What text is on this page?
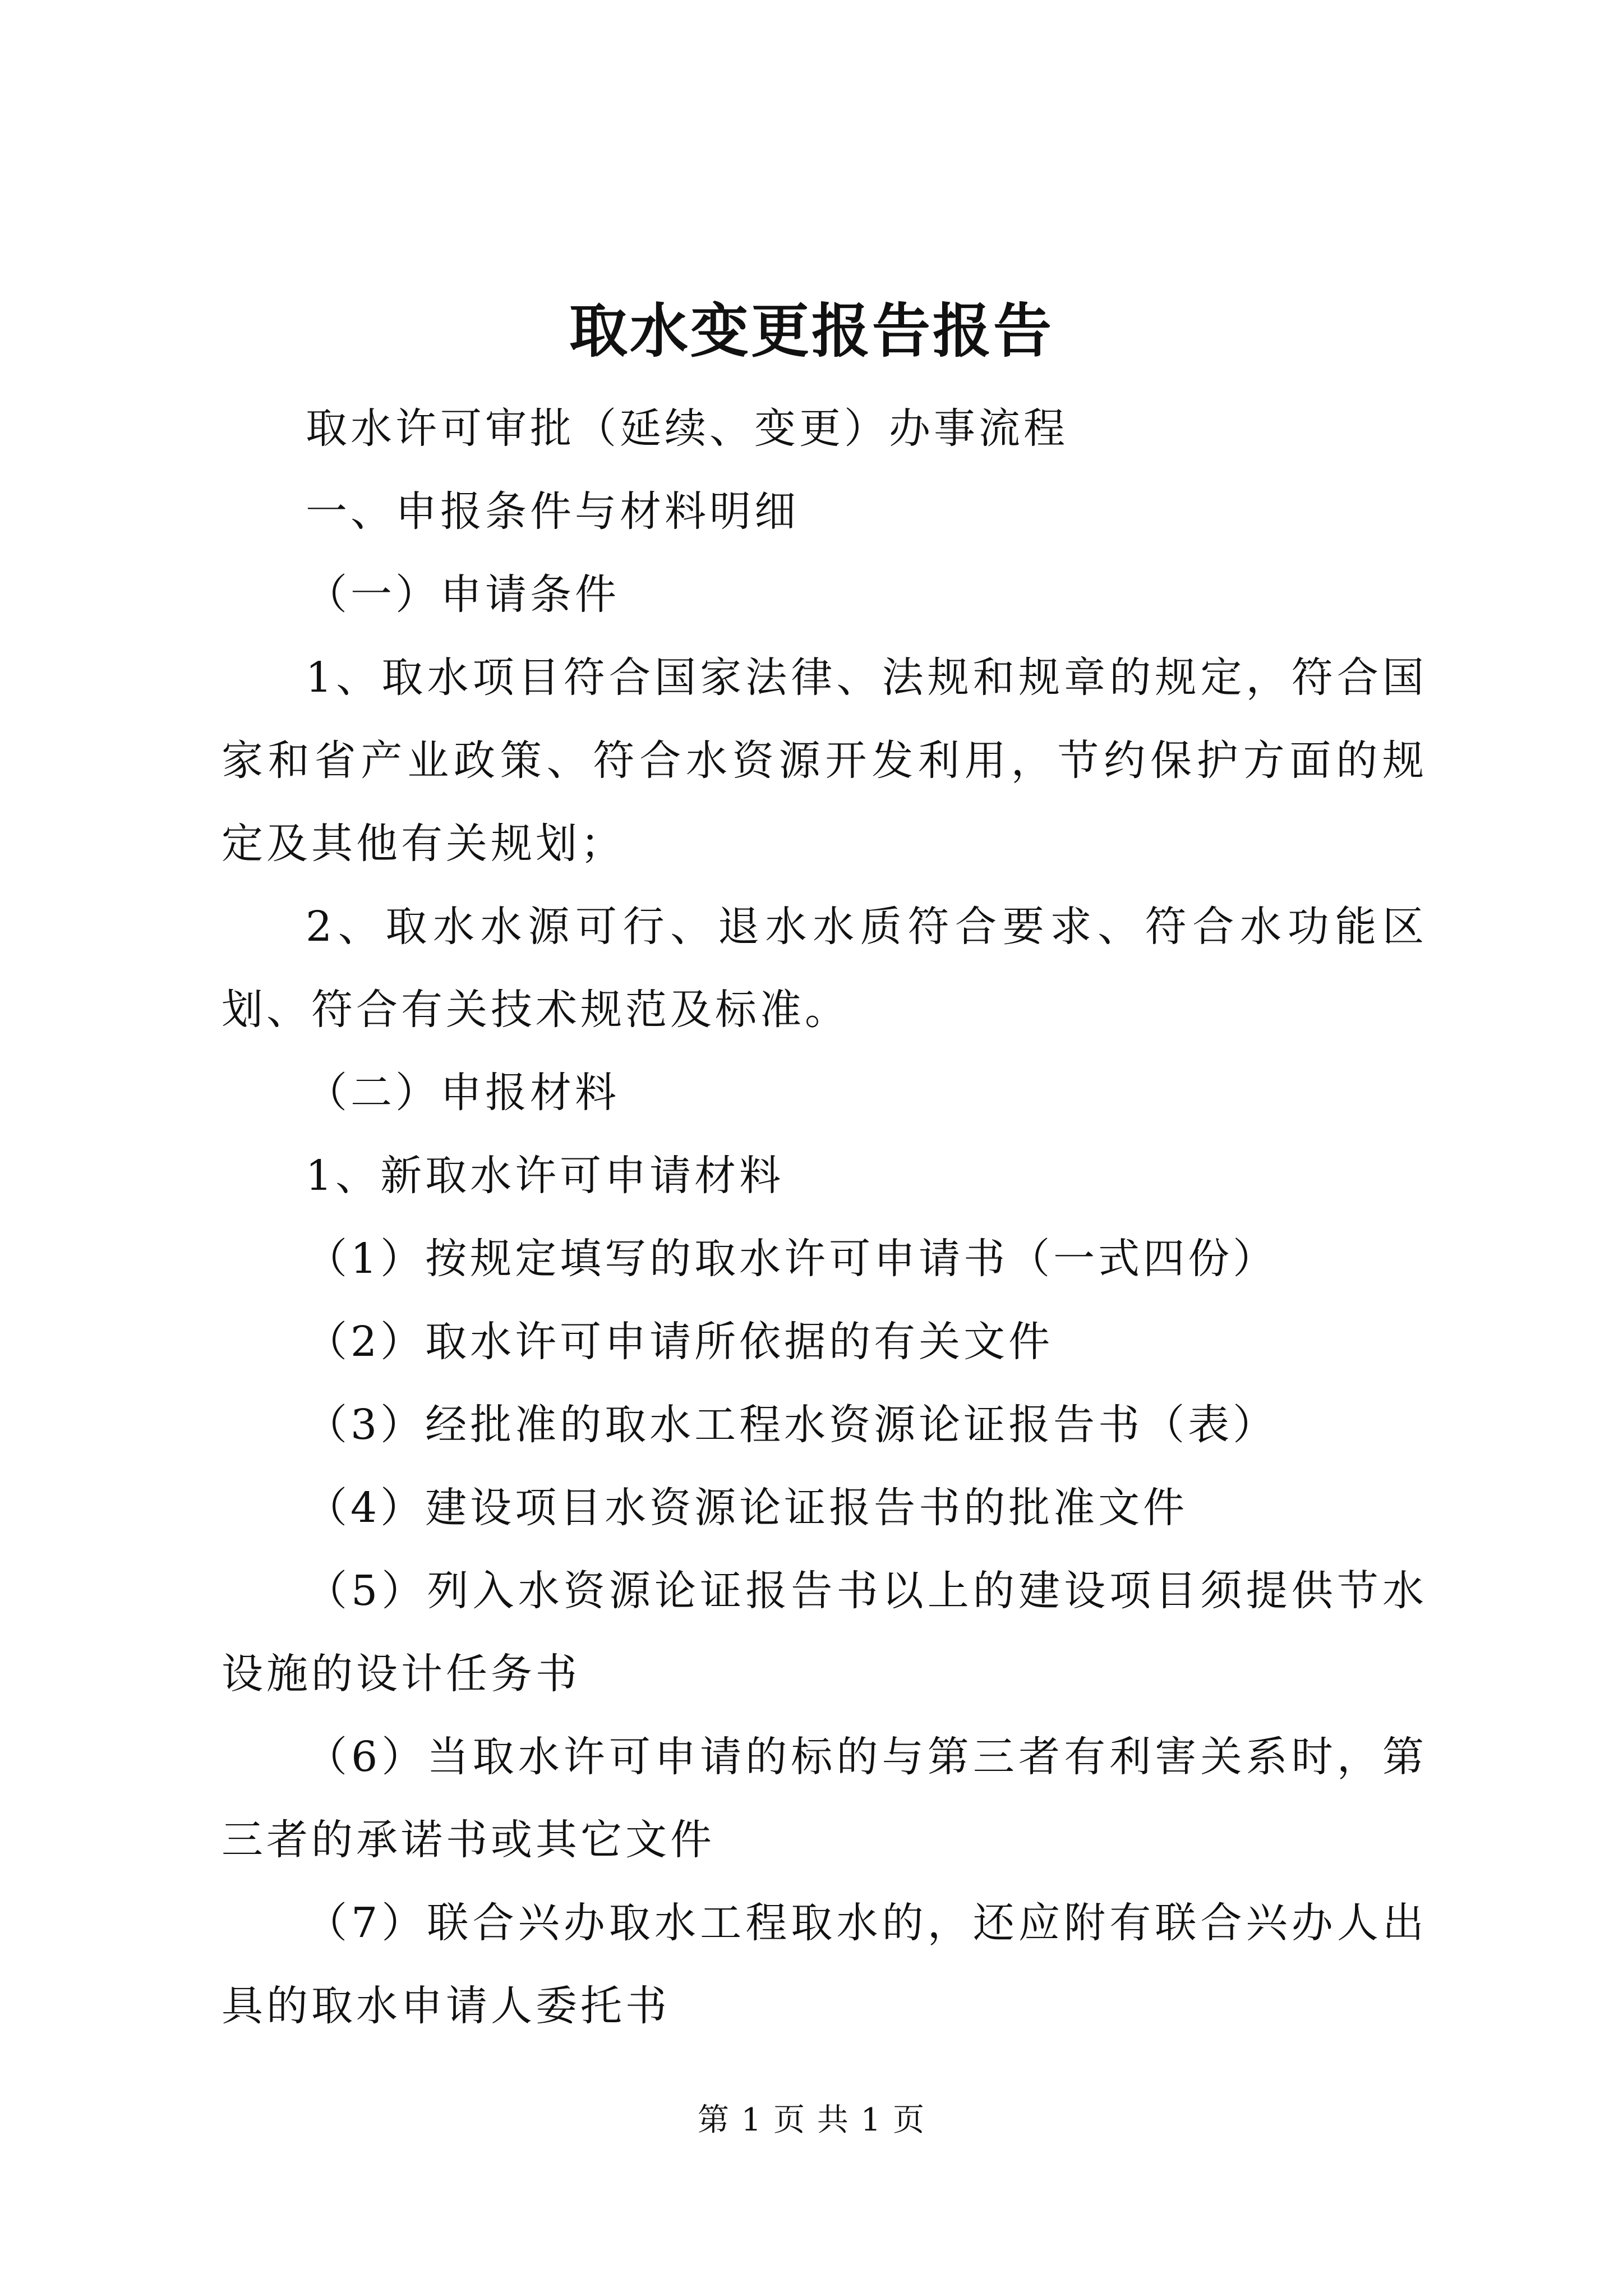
取水变更报告报告

取水许可审批（延续、变更）办事流程

一、申报条件与材料明细

（一）申请条件

1、取水项目符合国家法律、法规和规章的规定，符合国家和省产业政策、符合水资源开发利用，节约保护方面的规定及其他有关规划；

2、取水水源可行、退水水质符合要求、符合水功能区划、符合有关技术规范及标准。

（二）申报材料

1、新取水许可申请材料

（1）按规定填写的取水许可申请书（一式四份）

（2）取水许可申请所依据的有关文件

（3）经批准的取水工程水资源论证报告书（表）

（4）建设项目水资源论证报告书的批准文件

（5）列入水资源论证报告书以上的建设项目须提供节水设施的设计任务书

（6）当取水许可申请的标的与第三者有利害关系时，第三者的承诺书或其它文件

（7）联合兴办取水工程取水的，还应附有联合兴办人出具的取水申请人委托书

第 1 页 共 1 页
